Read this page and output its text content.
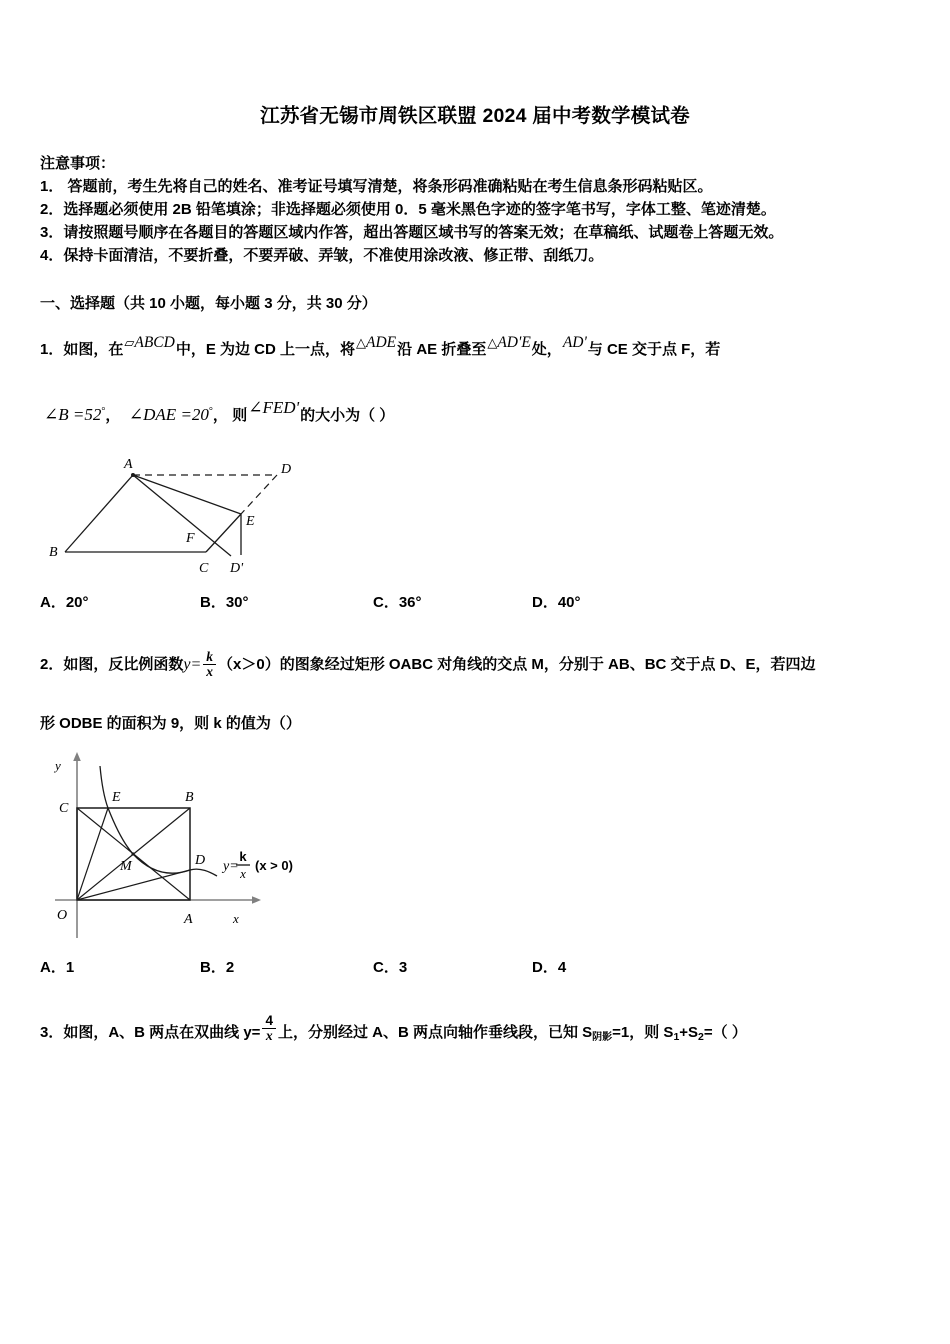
江苏省无锡市周铁区联盟 2024 届中考数学模试卷
注意事项：
1． 答题前，考生先将自己的姓名、准考证号填写清楚，将条形码准确粘贴在考生信息条形码粘贴区。
2．选择题必须使用 2B 铅笔填涂；非选择题必须使用 0．5 毫米黑色字迹的签字笔书写，字体工整、笔迹清楚。
3．请按照题号顺序在各题目的答题区域内作答，超出答题区域书写的答案无效；在草稿纸、试题卷上答题无效。
4．保持卡面清洁，不要折叠，不要弄破、弄皱，不准使用涂改液、修正带、刮纸刀。
一、选择题（共 10 小题，每小题 3 分，共 30 分）
1．如图，在▱ABCD中，E 为边 CD 上一点，将△ADE沿 AE 折叠至△AD'E处，AD'与 CE 交于点 F，若
∠B =52°，  ∠DAE =20°， 则∠FED'的大小为（ ）
A
B
C
D
E
F
D'
A．20°	B．30°	C．36°	D．40°
2．如图，反比例函数$y= \frac{k}{x} (x>0)$的图象经过矩形 OABC 对角线的交点 M，分别于 AB、BC 交于点 D、E，若四边
形 ODBE 的面积为 9，则 k 的值为（）
y
x
O	A
B
C
D
E
M	y=
k
x
(x > 0)
A．1	B．2	C．3	D．4
3．如图，A、B 两点在双曲线 $y= \frac{4}{x}$ 上，分别经过 A、B 两点向轴作垂线段，已知 $S_{阴影}=1$，则 $S_1+S_2=$（ ）
